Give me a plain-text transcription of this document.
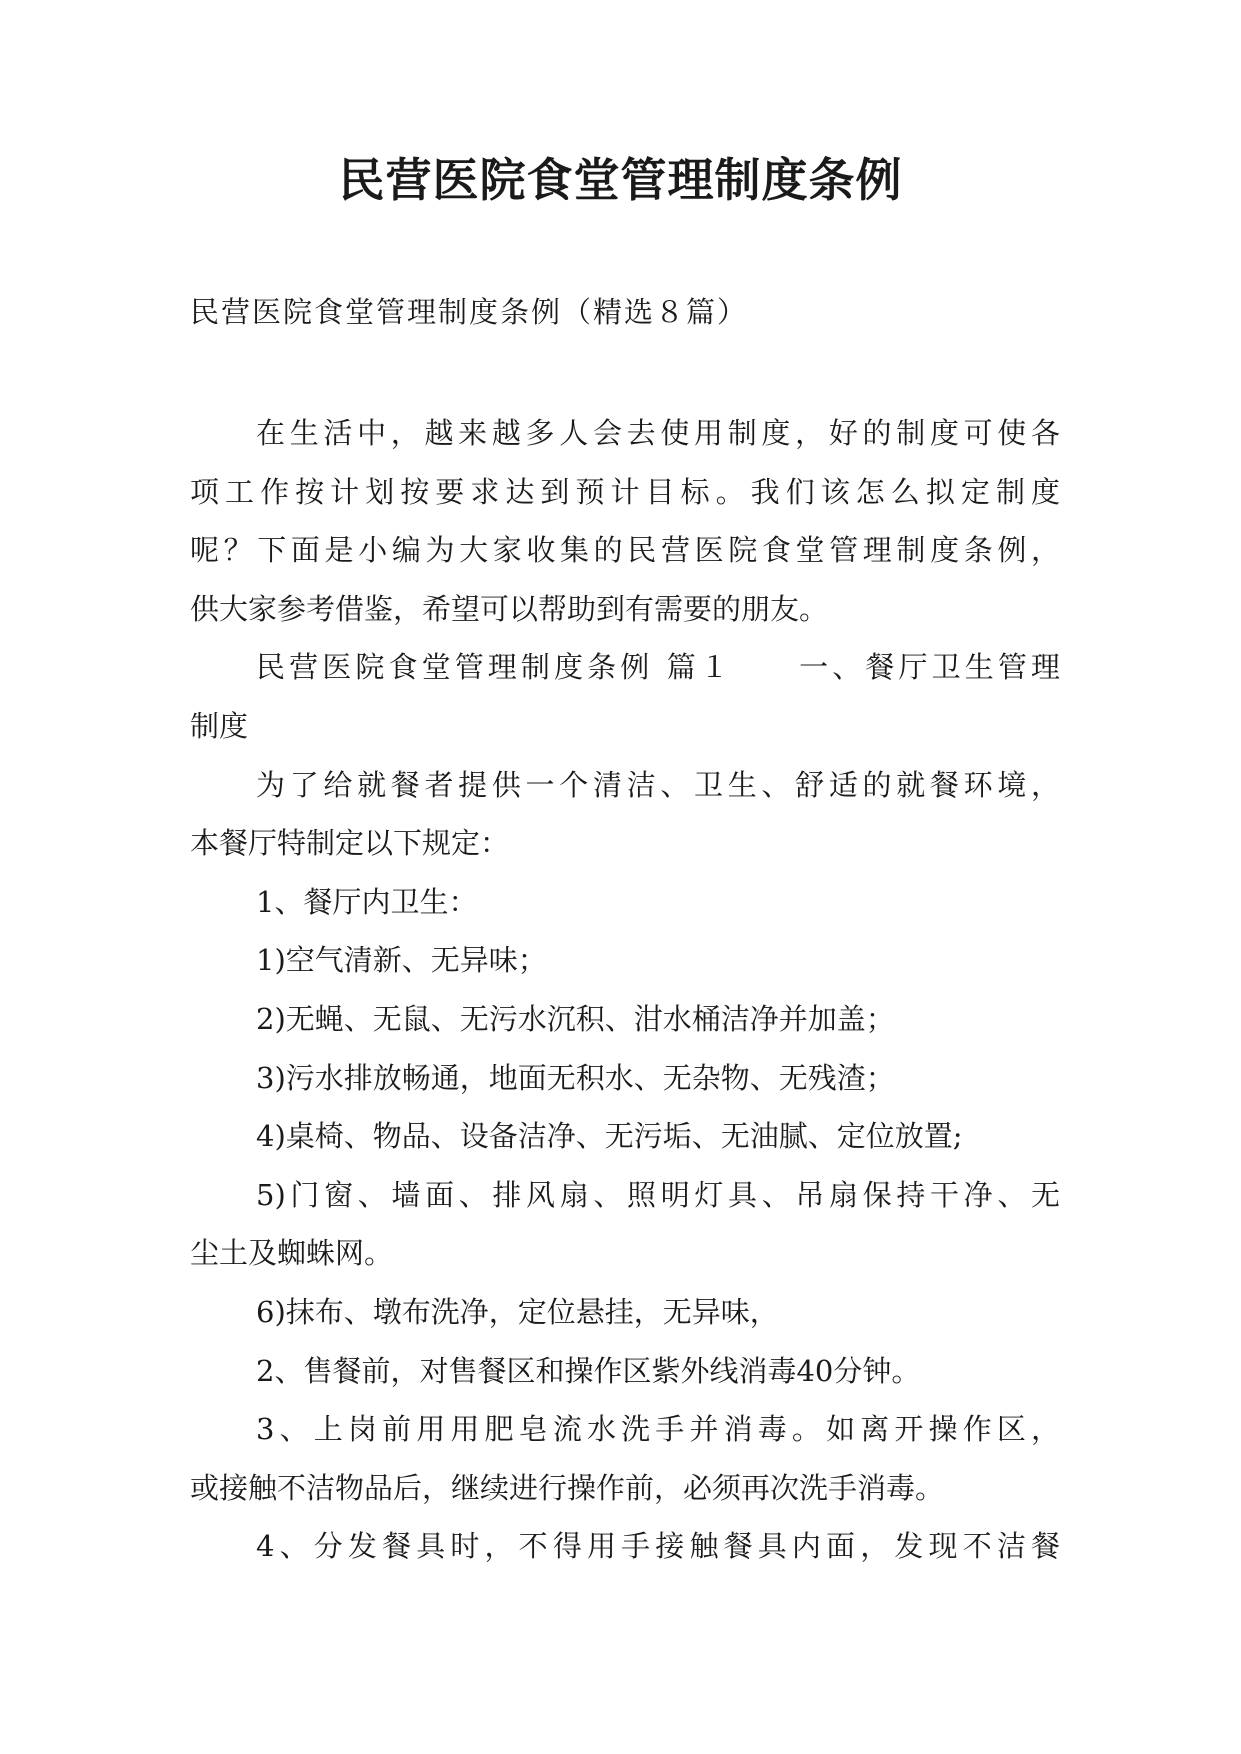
民营医院食堂管理制度条例

民营医院食堂管理制度条例（精选８篇）

在生活中，越来越多人会去使用制度，好的制度可使各
项工作按计划按要求达到预计目标。我们该怎么拟定制度
呢？下面是小编为大家收集的民营医院食堂管理制度条例，
供大家参考借鉴，希望可以帮助到有需要的朋友。
民营医院食堂管理制度条例 篇１　　一、餐厅卫生管理
制度
为了给就餐者提供一个清洁、卫生、舒适的就餐环境，
本餐厅特制定以下规定：
1、餐厅内卫生：
1)空气清新、无异味；
2)无蝇、无鼠、无污水沉积、泔水桶洁净并加盖；
3)污水排放畅通，地面无积水、无杂物、无残渣；
4)桌椅、物品、设备洁净、无污垢、无油腻、定位放置;
5)门窗、墙面、排风扇、照明灯具、吊扇保持干净、无
尘土及蜘蛛网。
6)抹布、墩布洗净，定位悬挂，无异味，
2、售餐前，对售餐区和操作区紫外线消毒40分钟。
3、上岗前用用肥皂流水洗手并消毒。如离开操作区，
或接触不洁物品后，继续进行操作前，必须再次洗手消毒。
4、分发餐具时，不得用手接触餐具内面，发现不洁餐
